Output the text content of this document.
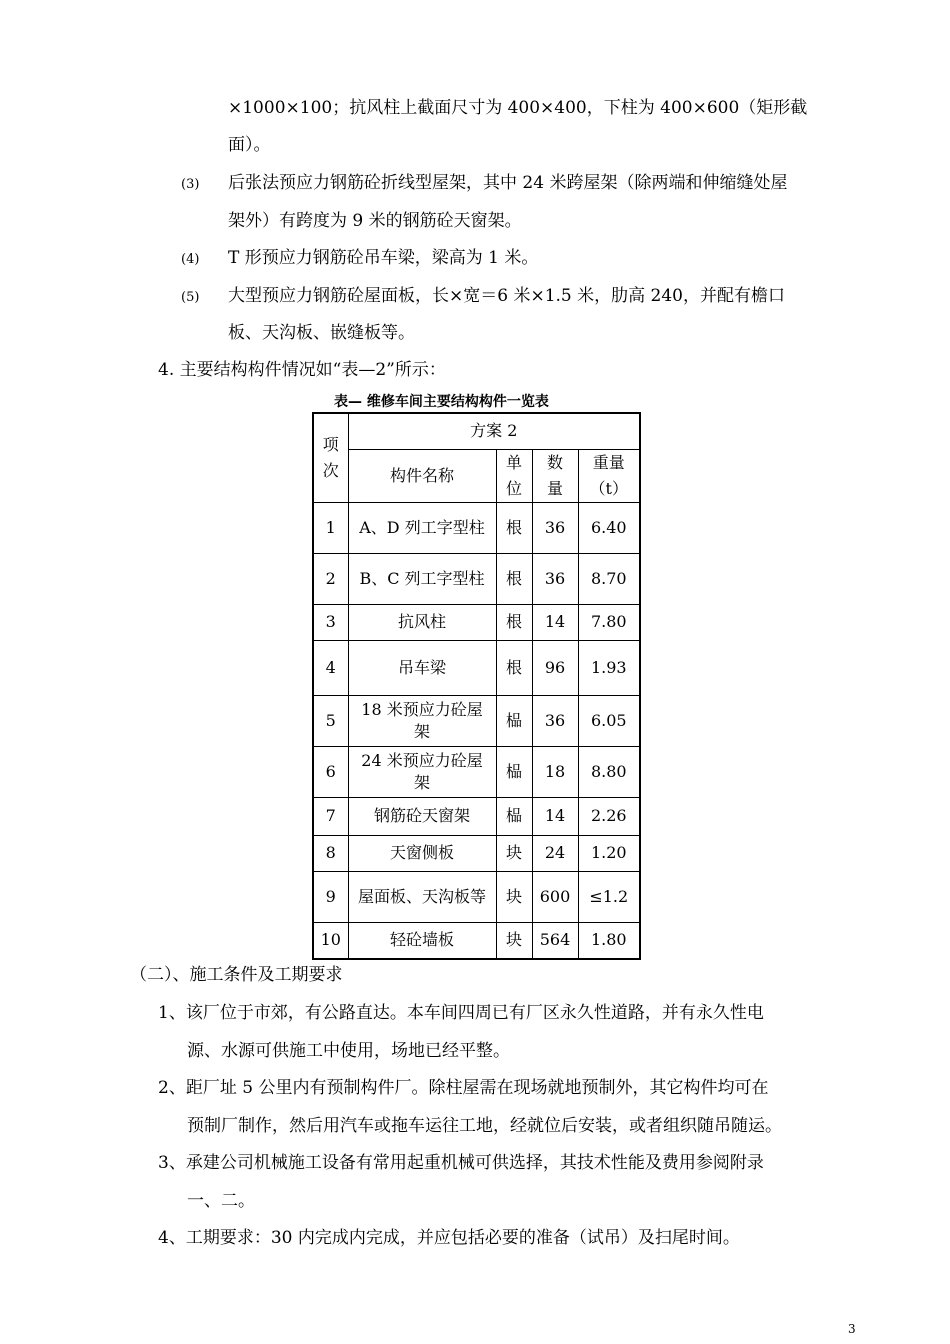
×1000×100；抗风柱上截面尺寸为 400×400，下柱为 400×600（矩形截
面）。
(3) 后张法预应力钢筋砼折线型屋架，其中 24 米跨屋架（除两端和伸缩缝处屋
架外）有跨度为 9 米的钢筋砼天窗架。
(4) T 形预应力钢筋砼吊车梁，梁高为 1 米。
(5) 大型预应力钢筋砼屋面板，长×宽＝6 米×1.5 米，肋高 240，并配有檐口
板、天沟板、嵌缝板等。
4. 主要结构构件情况如“表—2”所示：
表— 维修车间主要结构构件一览表
项次	方案 2			
	构件名称	单位	数量	重量（t）
1	A、D 列工字型柱	根	36	6.40
2	B、C 列工字型柱	根	36	8.70
3	抗风柱	根	14	7.80
4	吊车梁	根	96	1.93
5	18 米预应力砼屋架	榀	36	6.05
6	24 米预应力砼屋架	榀	18	8.80
7	钢筋砼天窗架	榀	14	2.26
8	天窗侧板	块	24	1.20
9	屋面板、天沟板等	块	600	≤1.2
10	轻砼墙板	块	564	1.80
（二）、施工条件及工期要求
1、该厂位于市郊，有公路直达。本车间四周已有厂区永久性道路，并有永久性电
源、水源可供施工中使用，场地已经平整。
2、距厂址 5 公里内有预制构件厂。除柱屋需在现场就地预制外，其它构件均可在
预制厂制作，然后用汽车或拖车运往工地，经就位后安装，或者组织随吊随运。
3、承建公司机械施工设备有常用起重机械可供选择，其技术性能及费用参阅附录
一、二。
4、工期要求：30 内完成内完成，并应包括必要的准备（试吊）及扫尾时间。
3
